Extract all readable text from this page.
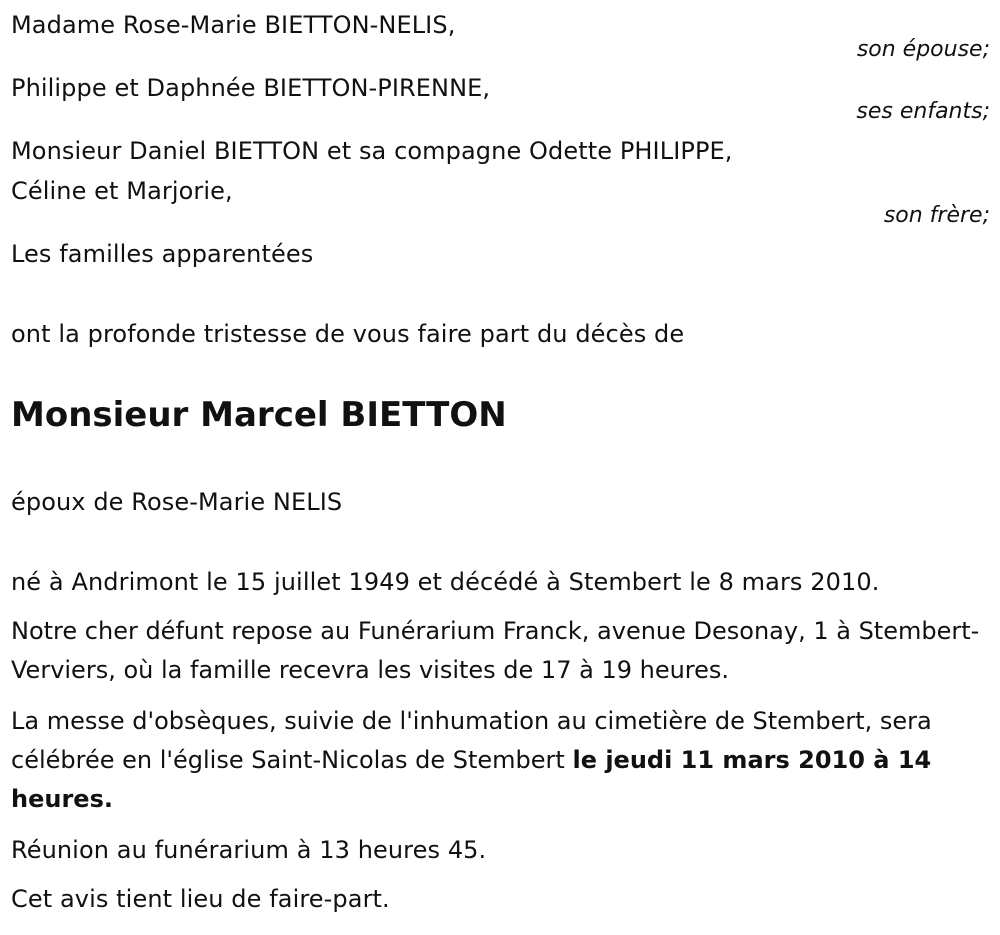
Madame Rose-Marie BIETTON-NELIS,
son épouse;
Philippe et Daphnée BIETTON-PIRENNE,
ses enfants;
Monsieur Daniel BIETTON et sa compagne Odette PHILIPPE,
Céline et Marjorie,
son frère;
Les familles apparentées
ont la profonde tristesse de vous faire part du décès de
Monsieur Marcel BIETTON
époux de Rose-Marie NELIS
né à Andrimont le 15 juillet 1949 et décédé à Stembert le 8 mars 2010.
Notre cher défunt repose au Funérarium Franck, avenue Desonay, 1 à Stembert-Verviers, où la famille recevra les visites de 17 à 19 heures.
La messe d'obsèques, suivie de l'inhumation au cimetière de Stembert, sera célébrée en l'église Saint-Nicolas de Stembert le jeudi 11 mars 2010 à 14 heures.
Réunion au funérarium à 13 heures 45.
Cet avis tient lieu de faire-part.
